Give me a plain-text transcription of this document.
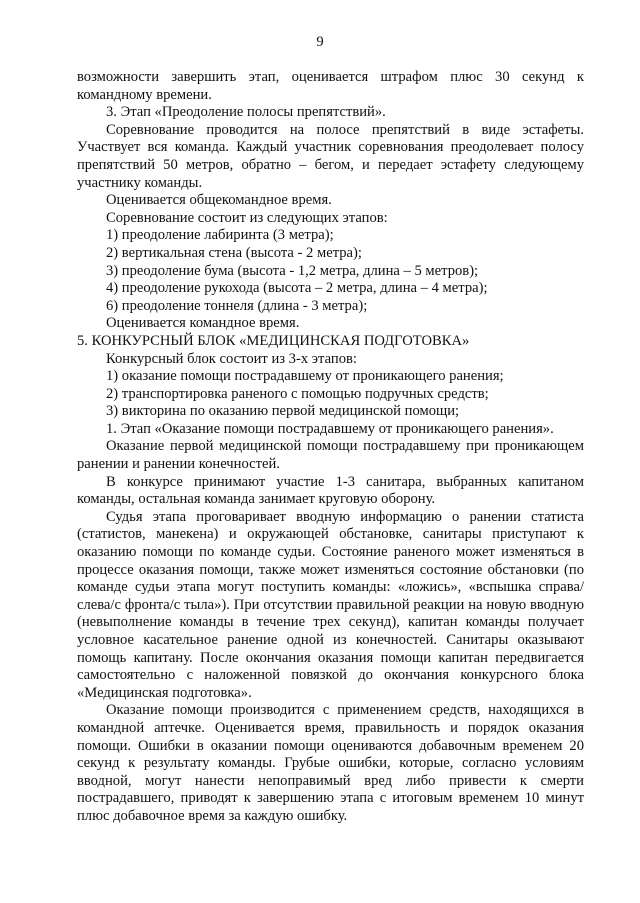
9

возможности завершить этап, оценивается штрафом плюс 30 секунд к командному времени.

3. Этап «Преодоление полосы препятствий».

Соревнование проводится на полосе препятствий в виде эстафеты. Участвует вся команда. Каждый участник соревнования преодолевает полосу препятствий 50 метров, обратно – бегом, и передает эстафету следующему участнику команды.

Оценивается общекомандное время.

Соревнование состоит из следующих этапов:

1) преодоление лабиринта (3 метра);

2) вертикальная стена (высота - 2 метра);

3) преодоление бума (высота - 1,2 метра, длина – 5 метров);

4) преодоление рукохода (высота – 2 метра, длина – 4 метра);

6) преодоление тоннеля (длина - 3 метра);

Оценивается командное время.

5. КОНКУРСНЫЙ БЛОК «МЕДИЦИНСКАЯ ПОДГОТОВКА»

Конкурсный блок состоит из 3-х этапов:

1) оказание помощи пострадавшему от проникающего ранения;

2) транспортировка раненого с помощью подручных средств;

3) викторина по оказанию первой медицинской помощи;

1. Этап «Оказание помощи пострадавшему от проникающего ранения».

Оказание первой медицинской помощи пострадавшему при проникающем ранении и ранении конечностей.

В конкурсе принимают участие 1-3 санитара, выбранных капитаном команды, остальная команда занимает круговую оборону.

Судья этапа проговаривает вводную информацию о ранении статиста (статистов, манекена) и окружающей обстановке, санитары приступают к оказанию помощи по команде судьи. Состояние раненого может изменяться в процессе оказания помощи, также может изменяться состояние обстановки (по команде судьи этапа могут поступить команды: «ложись», «вспышка справа/слева/с фронта/с тыла»). При отсутствии правильной реакции на новую вводную (невыполнение команды в течение трех секунд), капитан команды получает условное касательное ранение одной из конечностей. Санитары оказывают помощь капитану. После окончания оказания помощи капитан передвигается самостоятельно с наложенной повязкой до окончания конкурсного блока «Медицинская подготовка».

Оказание помощи производится с применением средств, находящихся в командной аптечке. Оценивается время, правильность и порядок оказания помощи. Ошибки в оказании помощи оцениваются добавочным временем 20 секунд к результату команды. Грубые ошибки, которые, согласно условиям вводной, могут нанести непоправимый вред либо привести к смерти пострадавшего, приводят к завершению этапа с итоговым временем 10 минут плюс добавочное время за каждую ошибку.
